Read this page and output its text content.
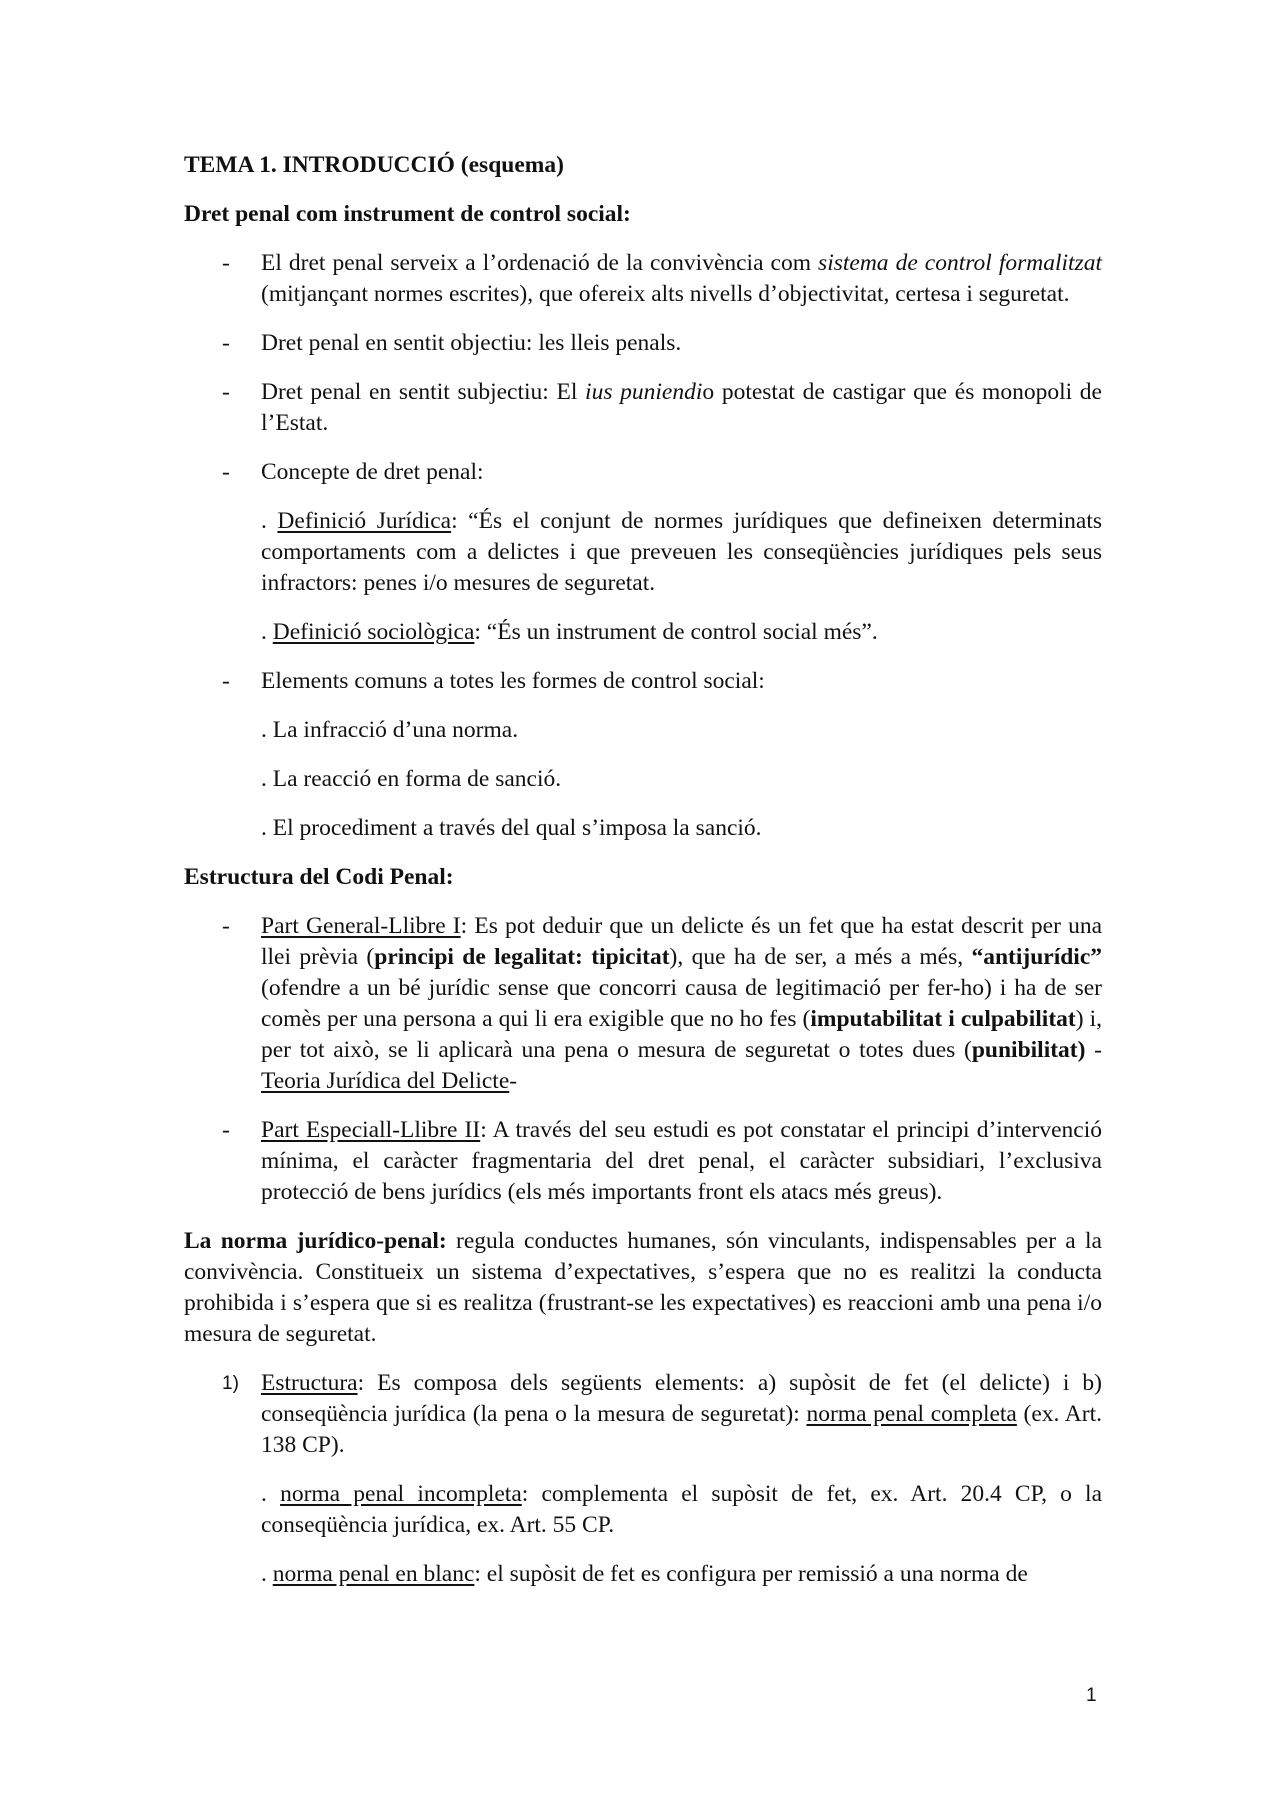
TEMA 1. INTRODUCCIÓ (esquema)

Dret penal com instrument de control social:

- El dret penal serveix a l’ordenació de la convivència com sistema de control formalitzat (mitjançant normes escrites), que ofereix alts nivells d’objectivitat, certesa i seguretat.
- Dret penal en sentit objectiu: les lleis penals.
- Dret penal en sentit subjectiu: El ius puniendio potestat de castigar que és monopoli de l’Estat.
- Concepte de dret penal:

. Definició Jurídica: “És el conjunt de normes jurídiques que defineixen determinats comportaments com a delictes i que preveuen les conseqüències jurídiques pels seus infractors: penes i/o mesures de seguretat.

. Definició sociològica: “És un instrument de control social més”.

- Elements comuns a totes les formes de control social:

. La infracció d’una norma.

. La reacció en forma de sanció.

. El procediment a través del qual s’imposa la sanció.

Estructura del Codi Penal:

- Part General-Llibre I: Es pot deduir que un delicte és un fet que ha estat descrit per una llei prèvia (principi de legalitat: tipicitat), que ha de ser, a més a més, “antijurídic” (ofendre a un bé jurídic sense que concorri causa de legitimació per fer-ho) i ha de ser comès per una persona a qui li era exigible que no ho fes (imputabilitat i culpabilitat) i, per tot això, se li aplicarà una pena o mesura de seguretat o totes dues (punibilitat) -Teoria Jurídica del Delicte-
- Part Especiall-Llibre II: A través del seu estudi es pot constatar el principi d’intervenció mínima, el caràcter fragmentaria del dret penal, el caràcter subsidiari, l’exclusiva protecció de bens jurídics (els més importants front els atacs més greus).

La norma jurídico-penal: regula conductes humanes, són vinculants, indispensables per a la convivència. Constitueix un sistema d’expectatives, s’espera que no es realitzi la conducta prohibida i s’espera que si es realitza (frustrant-se les expectatives) es reaccioni amb una pena i/o mesura de seguretat.

1) Estructura: Es composa dels següents elements: a) supòsit de fet (el delicte) i b) conseqüència jurídica (la pena o la mesura de seguretat): norma penal completa (ex. Art. 138 CP).

. norma penal incompleta: complementa el supòsit de fet, ex. Art. 20.4 CP, o la conseqüència jurídica, ex. Art. 55 CP.

. norma penal en blanc: el supòsit de fet es configura per remissió a una norma de

1
